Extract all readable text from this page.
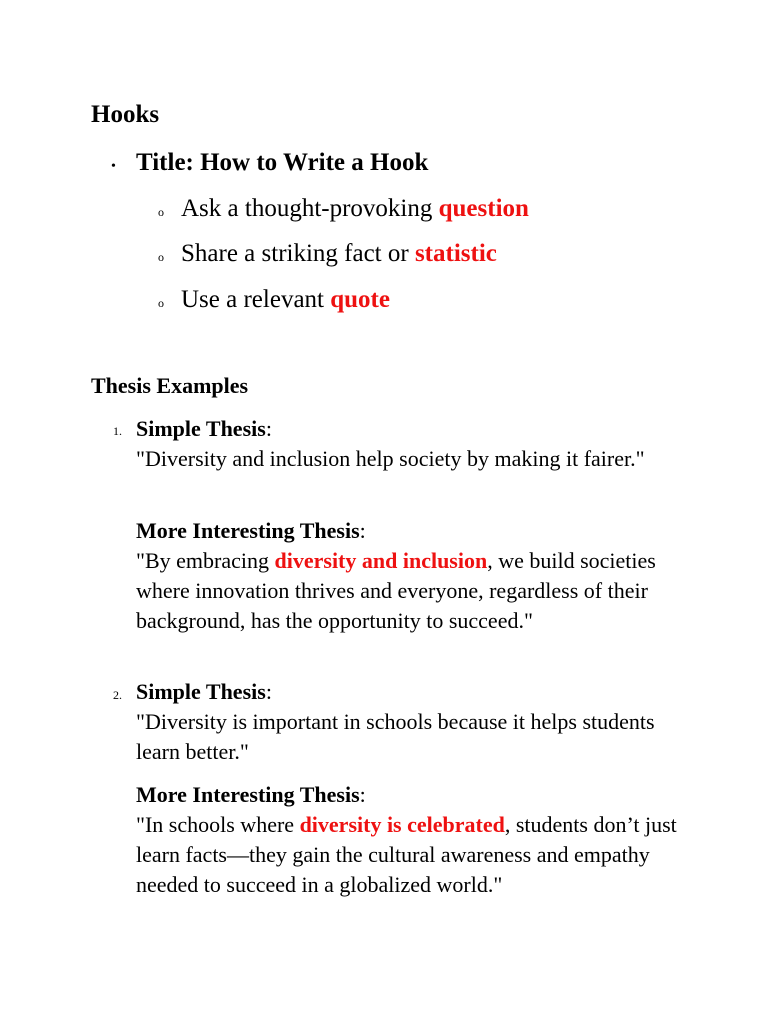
Hooks
• Title: How to Write a Hook
o Ask a thought-provoking question
o Share a striking fact or statistic
o Use a relevant quote
Thesis Examples
1. Simple Thesis:
"Diversity and inclusion help society by making it fairer."
More Interesting Thesis:
"By embracing diversity and inclusion, we build societies where innovation thrives and everyone, regardless of their background, has the opportunity to succeed."
2. Simple Thesis:
"Diversity is important in schools because it helps students learn better."
More Interesting Thesis:
"In schools where diversity is celebrated, students don’t just learn facts—they gain the cultural awareness and empathy needed to succeed in a globalized world."
